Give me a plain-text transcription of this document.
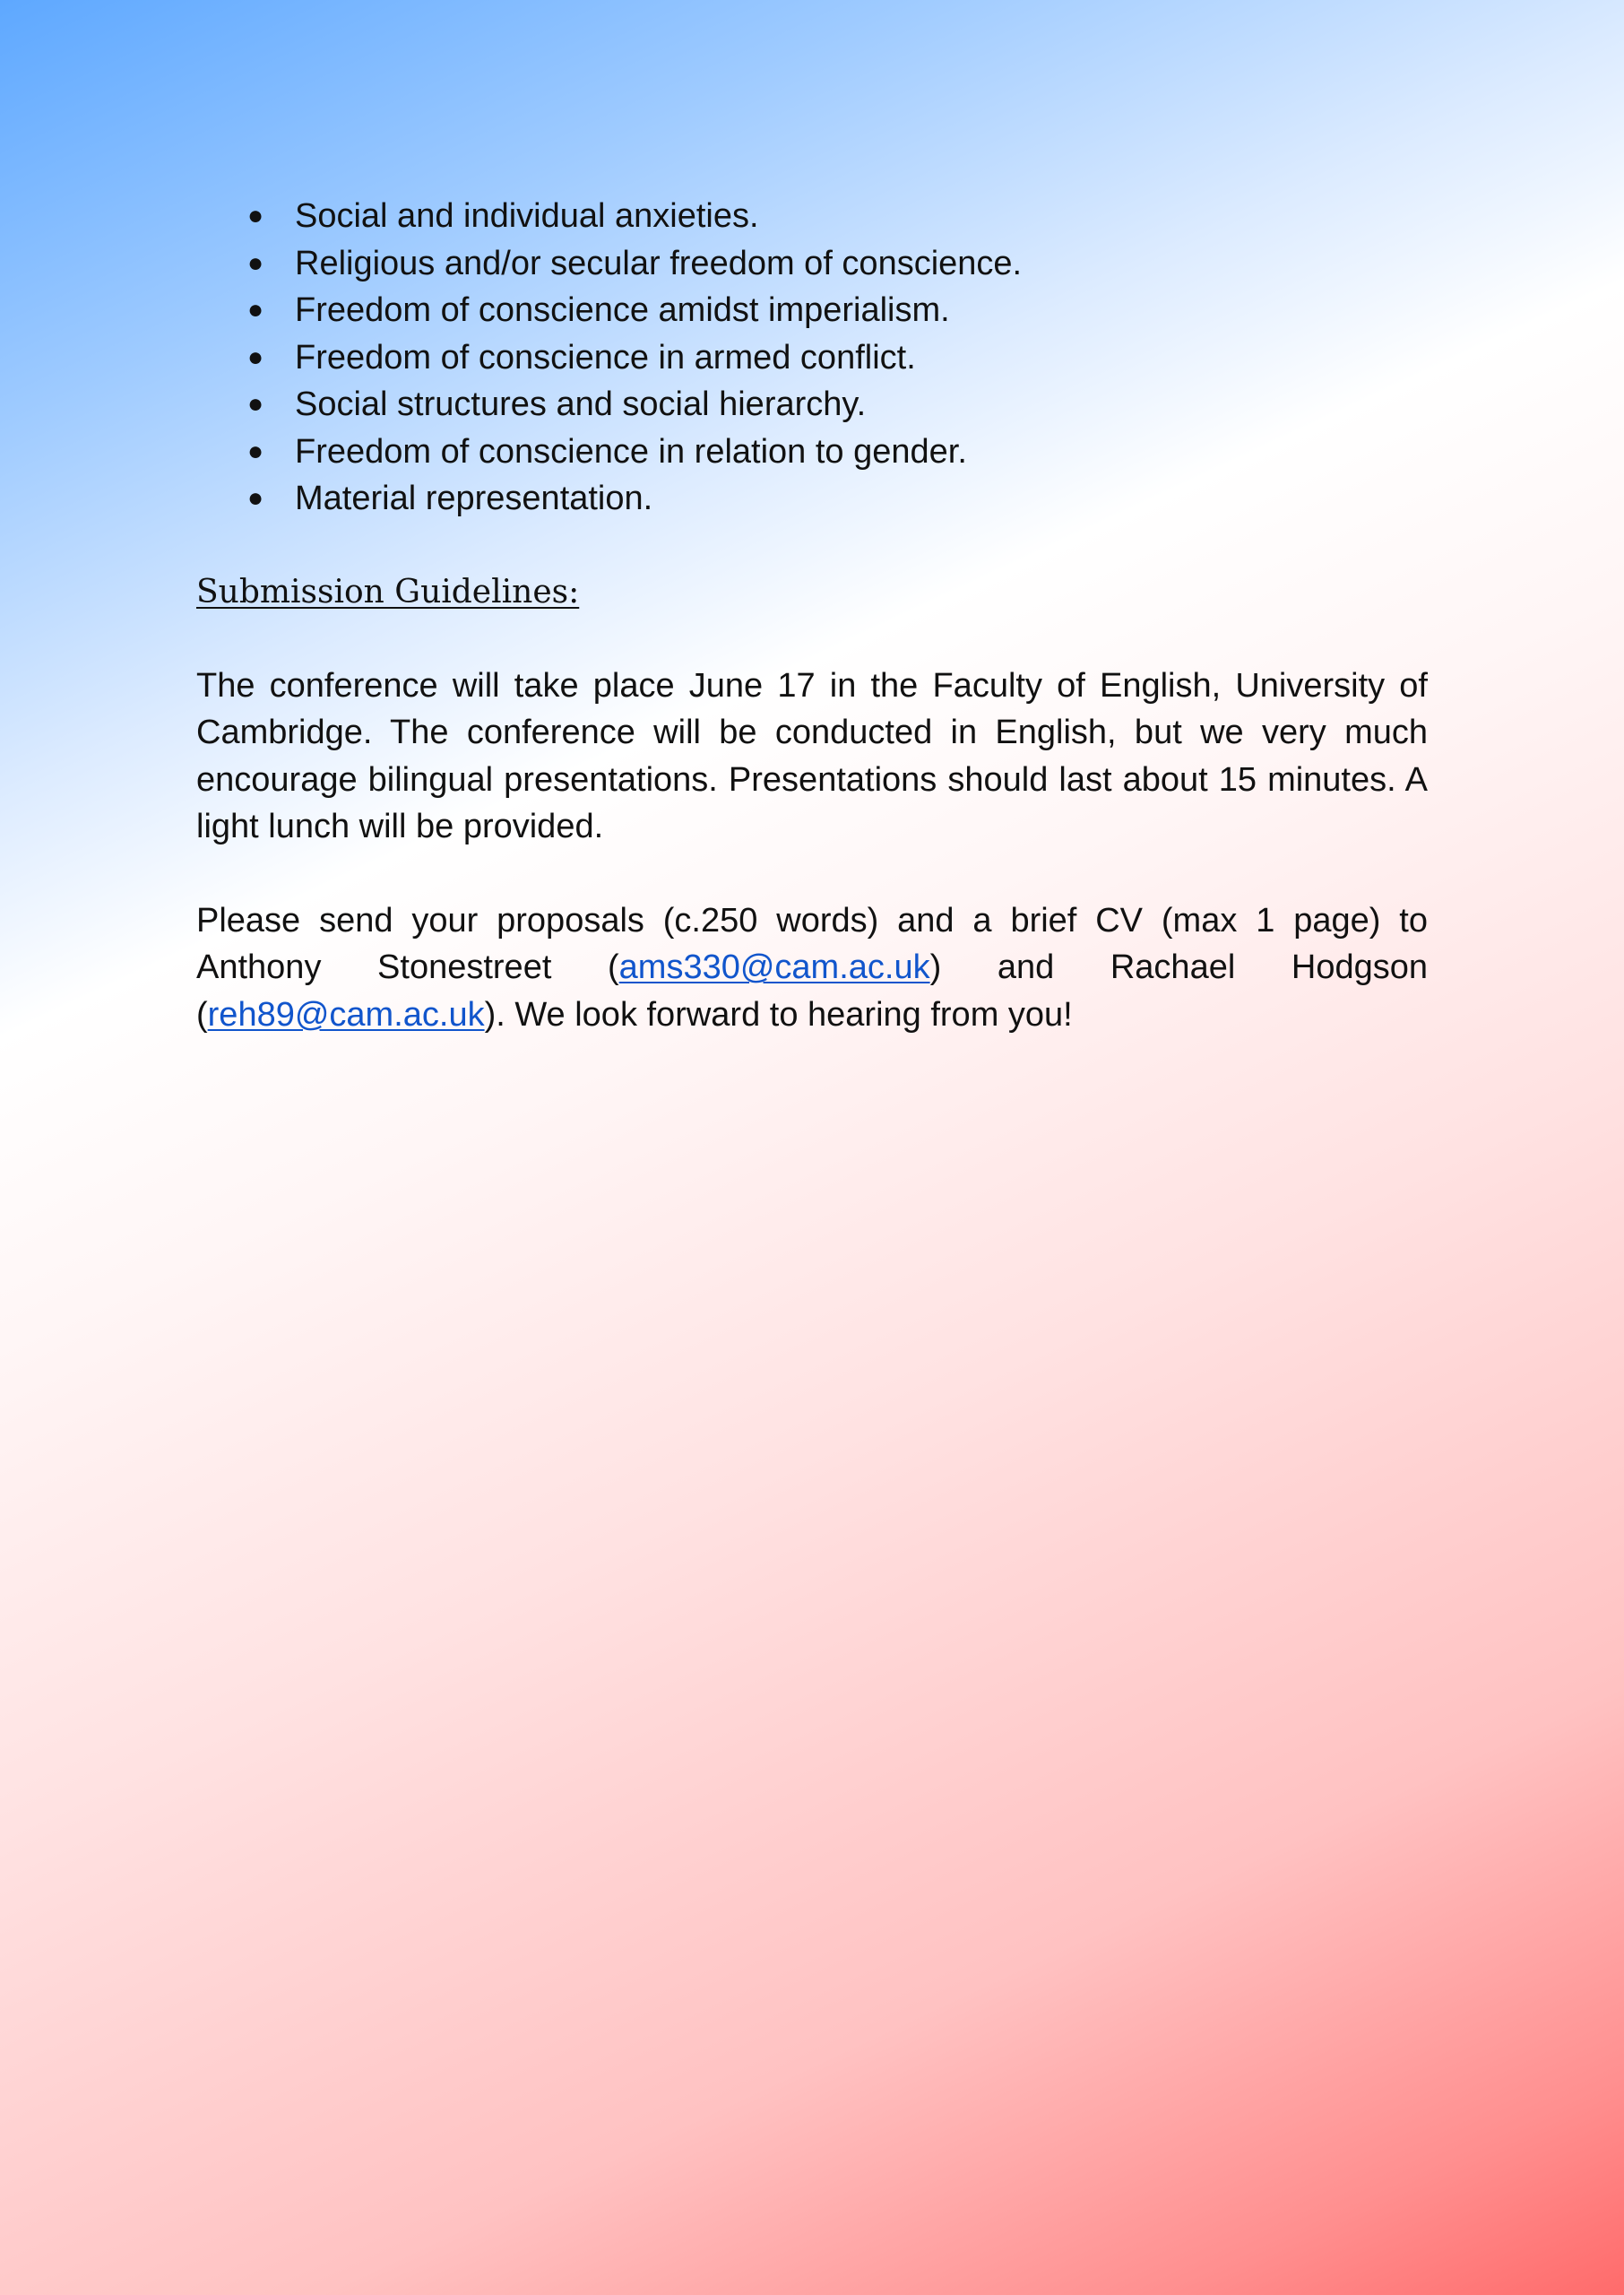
● Social and individual anxieties.
● Religious and/or secular freedom of conscience.
● Freedom of conscience amidst imperialism.
● Freedom of conscience in armed conflict.
● Social structures and social hierarchy.
● Freedom of conscience in relation to gender.
● Material representation.
Submission Guidelines:

The conference will take place June 17 in the Faculty of English, University of Cambridge. The conference will be conducted in English, but we very much encourage bilingual presentations. Presentations should last about 15 minutes. A light lunch will be provided.

Please send your proposals (c.250 words) and a brief CV (max 1 page) to Anthony Stonestreet (ams330@cam.ac.uk) and Rachael Hodgson (reh89@cam.ac.uk). We look forward to hearing from you!
